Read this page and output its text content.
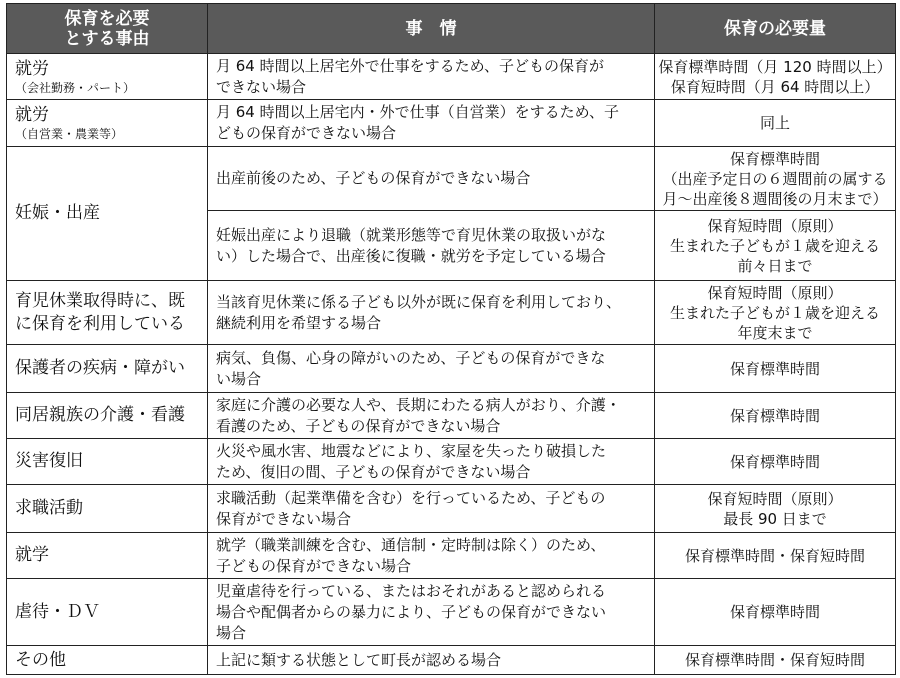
保育を必要
とする事由	事　情	保育の必要量

就労
（会社勤務・パート）	月 64 時間以上居宅外で仕事をするため、子どもの保育が
できない場合	保育標準時間（月 120 時間以上）
保育短時間（月 64 時間以上）

就労
（自営業・農業等）	月 64 時間以上居宅内・外で仕事（自営業）をするため、子
どもの保育ができない場合	同上

妊娠・出産	出産前後のため、子どもの保育ができない場合	保育標準時間
（出産予定日の６週間前の属する
月～出産後８週間後の月末まで）

	妊娠出産により退職（就業形態等で育児休業の取扱いがな
い）した場合で、出産後に復職・就労を予定している場合	保育短時間（原則）
生まれた子どもが１歳を迎える
前々日まで

育児休業取得時に、既
に保育を利用している	当該育児休業に係る子ども以外が既に保育を利用しており、
継続利用を希望する場合	保育短時間（原則）
生まれた子どもが１歳を迎える
年度末まで

保護者の疾病・障がい	病気、負傷、心身の障がいのため、子どもの保育ができな
い場合	保育標準時間

同居親族の介護・看護	家庭に介護の必要な人や、長期にわたる病人がおり、介護・
看護のため、子どもの保育ができない場合	保育標準時間

災害復旧	火災や風水害、地震などにより、家屋を失ったり破損した
ため、復旧の間、子どもの保育ができない場合	保育標準時間

求職活動	求職活動（起業準備を含む）を行っているため、子どもの
保育ができない場合	保育短時間（原則）
最長 90 日まで

就学	就学（職業訓練を含む、通信制・定時制は除く）のため、
子どもの保育ができない場合	保育標準時間・保育短時間

虐待・ＤＶ	児童虐待を行っている、またはおそれがあると認められる
場合や配偶者からの暴力により、子どもの保育ができない
場合	保育標準時間

その他	上記に類する状態として町長が認める場合	保育標準時間・保育短時間
